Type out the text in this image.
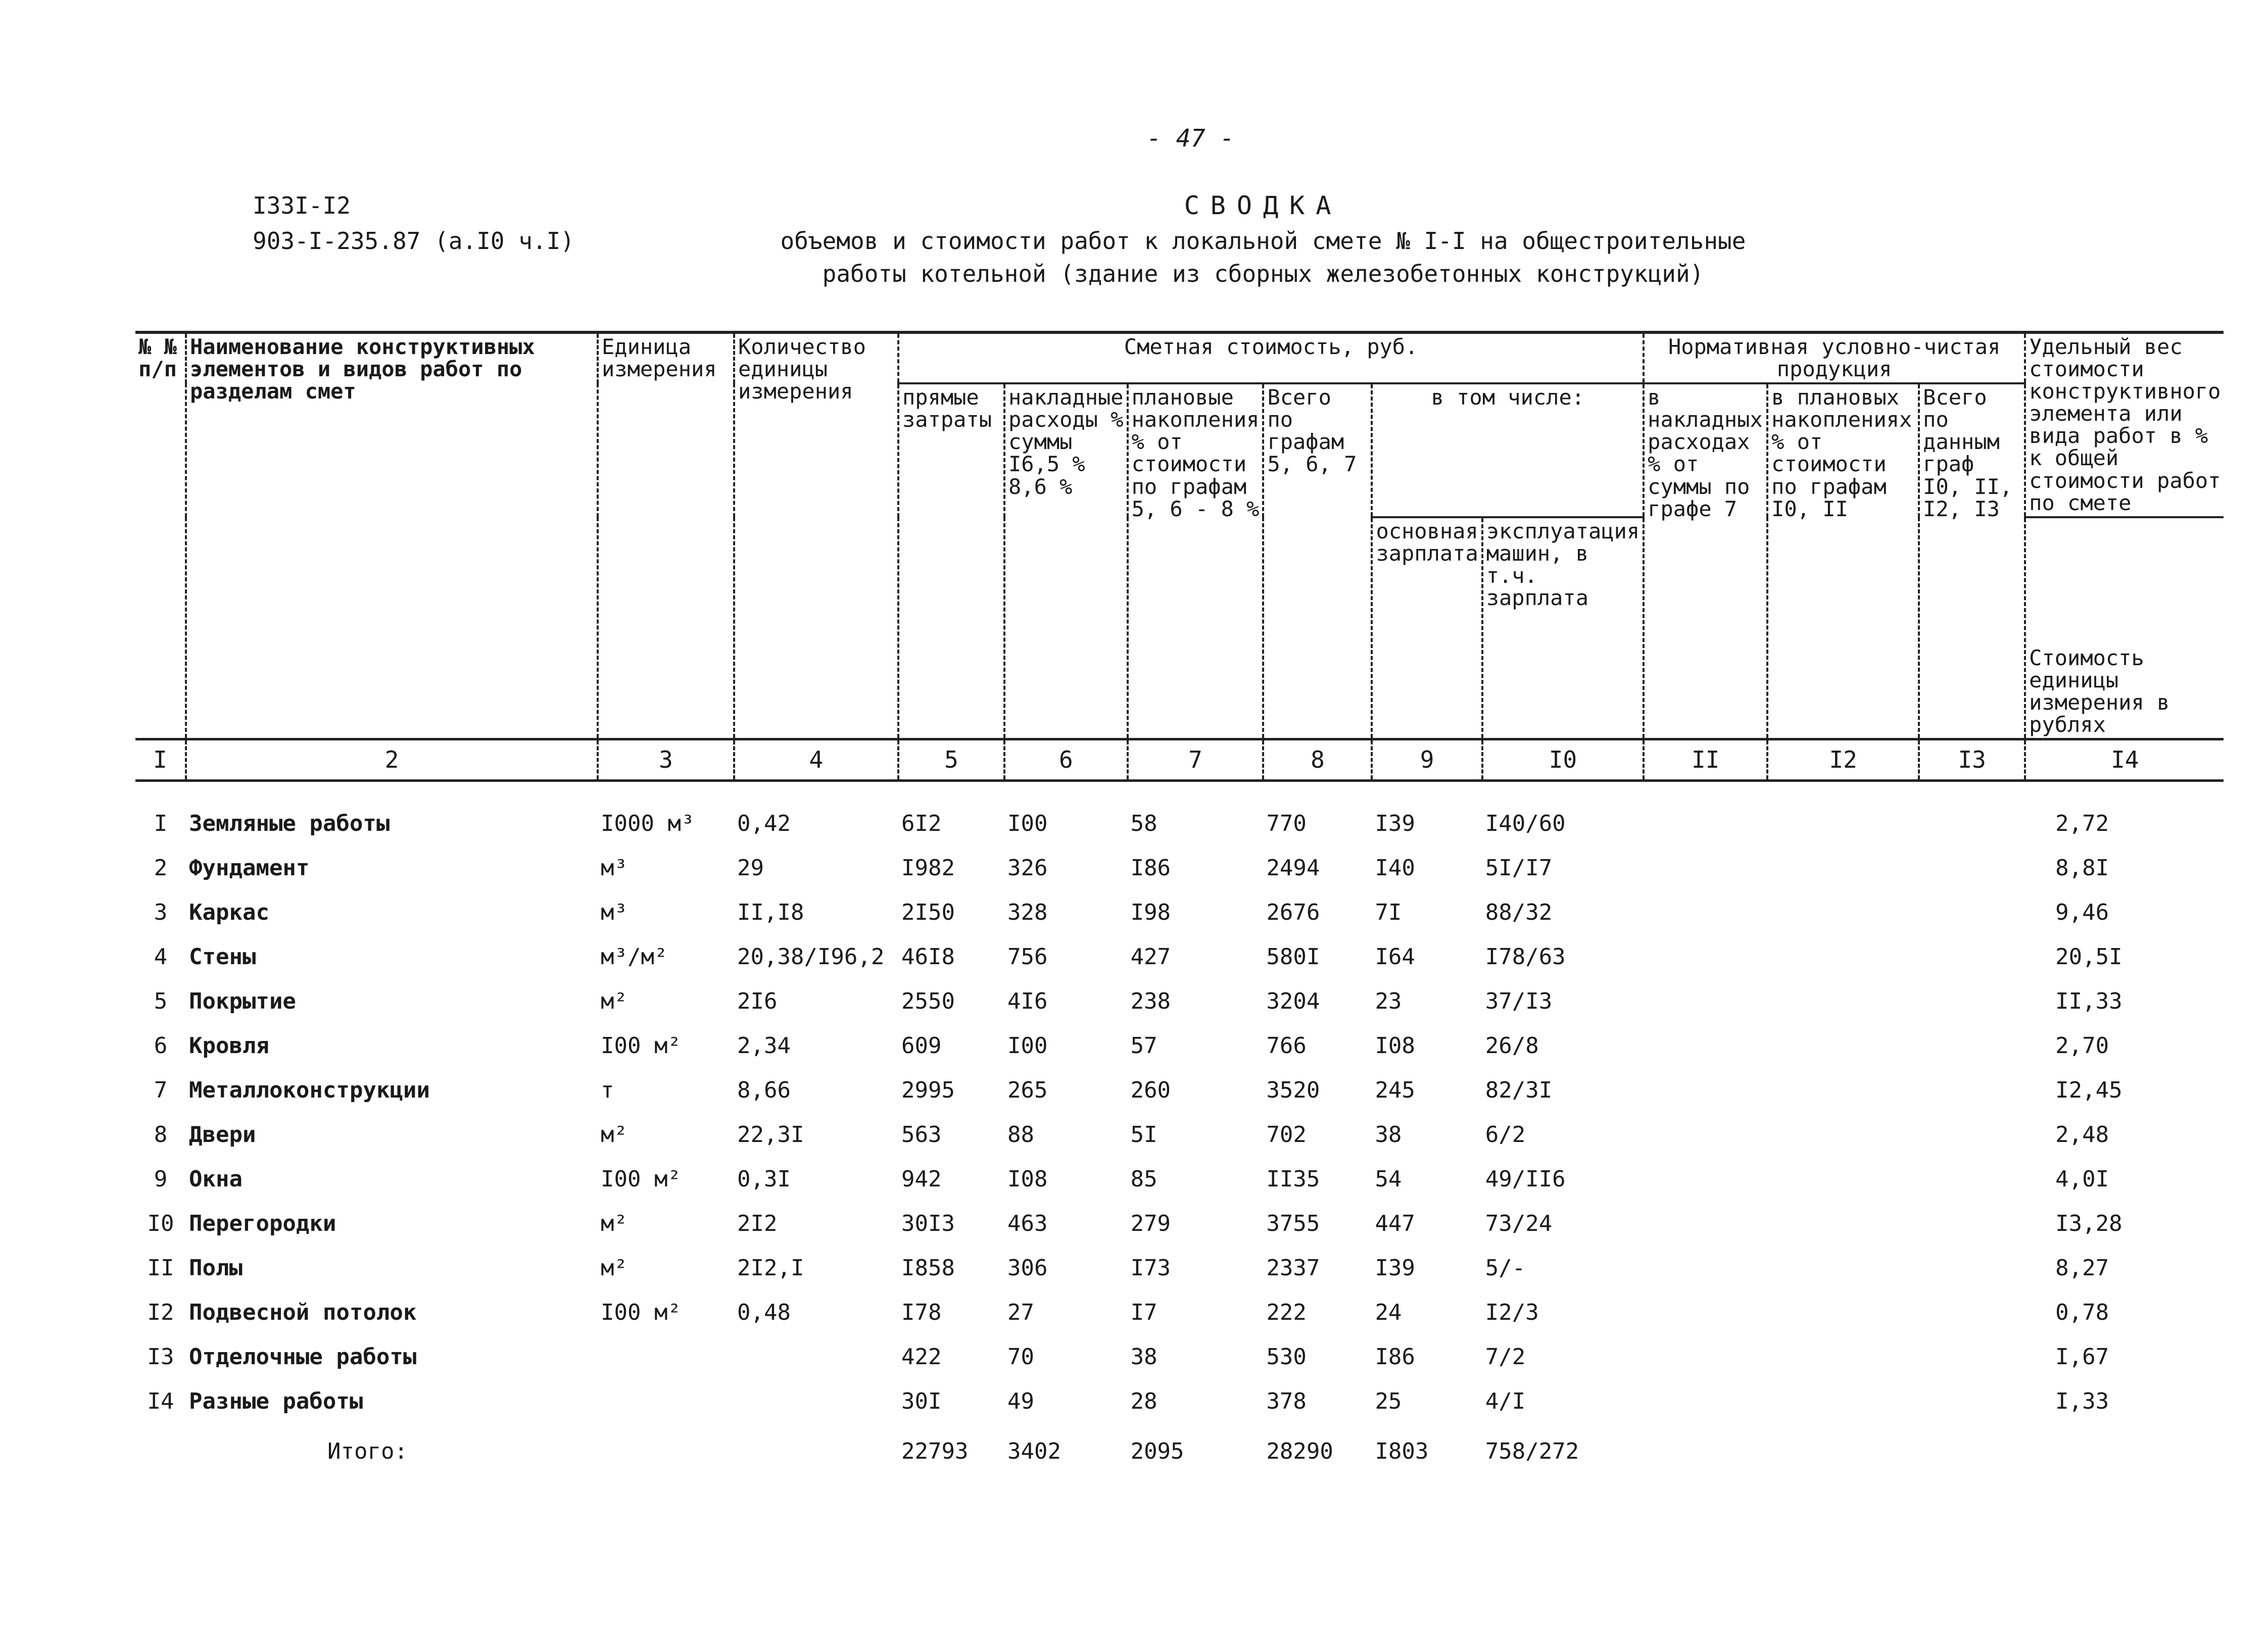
- 47 -
I33I-I2
903-I-235.87 (а.I0 ч.I)
СВОДКА
объемов и стоимости работ к локальной смете № I-I на общестроительные
работы котельной (здание из сборных железобетонных конструкций)
№ № п/п	Наименование конструктивных элементов и видов работ по разделам смет	Единица измерения	Количество единицы измерения	Сметная стоимость, руб.						Нормативная условно-чистая продукция			Удельный вес стоимости конструктивного элемента или вида работ в % к общей стоимости работ по смете
				прямые затраты	накладные расходы % суммы I6,5 % 8,6 %	плановые накопления % от стоимости по графам 5, 6 - 8 %	Всего по графам 5, 6, 7	в том числе:		в накладных расходах % от суммы по графе 7	в плановых накоплениях % от стоимости по графам I0, II	Всего по данным граф I0, II, I2, I3	
								основная зарплата	эксплуатация машин, в т.ч. зарплата				Стоимость единицы измерения в рублях
I	2	3	4	5	6	7	8	9	I0	II	I2	I3	I4

I	Земляные работы	I000 м³	0,42	6I2	I00	58	770	I39	I40/60				2,72
2	Фундамент	м³	29	I982	326	I86	2494	I40	5I/I7				8,8I
3	Каркас	м³	II,I8	2I50	328	I98	2676	7I	88/32				9,46
4	Стены	м³/м²	20,38/I96,2	46I8	756	427	580I	I64	I78/63				20,5I
5	Покрытие	м²	2I6	2550	4I6	238	3204	23	37/I3				II,33
6	Кровля	I00 м²	2,34	609	I00	57	766	I08	26/8				2,70
7	Металлоконструкции	т	8,66	2995	265	260	3520	245	82/3I				I2,45
8	Двери	м²	22,3I	563	88	5I	702	38	6/2				2,48
9	Окна	I00 м²	0,3I	942	I08	85	II35	54	49/II6				4,0I
I0	Перегородки	м²	2I2	30I3	463	279	3755	447	73/24				I3,28
II	Полы	м²	2I2,I	I858	306	I73	2337	I39	5/-				8,27
I2	Подвесной потолок	I00 м²	0,48	I78	27	I7	222	24	I2/3				0,78
I3	Отделочные работы			422	70	38	530	I86	7/2				I,67
I4	Разные работы			30I	49	28	378	25	4/I				I,33
Итого:				22793	3402	2095	28290	I803	758/272				
